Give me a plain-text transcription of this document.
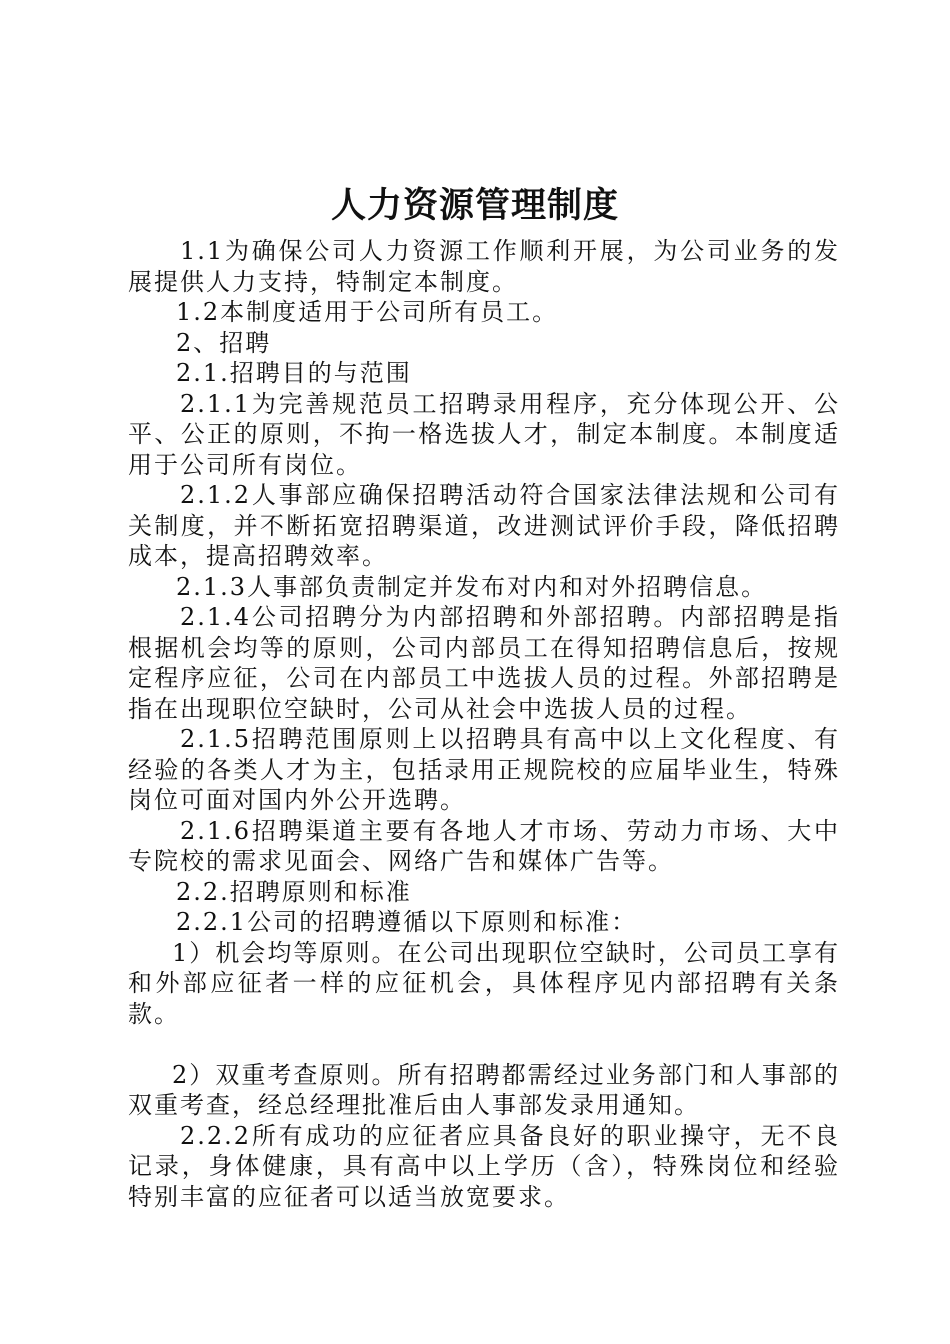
人力资源管理制度

1.1为确保公司人力资源工作顺利开展，为公司业务的发展提供人力支持，特制定本制度。

1.2本制度适用于公司所有员工。

2、招聘

2.1.招聘目的与范围

2.1.1为完善规范员工招聘录用程序，充分体现公开、公平、公正的原则，不拘一格选拔人才，制定本制度。本制度适用于公司所有岗位。

2.1.2人事部应确保招聘活动符合国家法律法规和公司有关制度，并不断拓宽招聘渠道，改进测试评价手段，降低招聘成本，提高招聘效率。

2.1.3人事部负责制定并发布对内和对外招聘信息。

2.1.4公司招聘分为内部招聘和外部招聘。内部招聘是指根据机会均等的原则，公司内部员工在得知招聘信息后，按规定程序应征，公司在内部员工中选拔人员的过程。外部招聘是指在出现职位空缺时，公司从社会中选拔人员的过程。

2.1.5招聘范围原则上以招聘具有高中以上文化程度、有经验的各类人才为主，包括录用正规院校的应届毕业生，特殊岗位可面对国内外公开选聘。

2.1.6招聘渠道主要有各地人才市场、劳动力市场、大中专院校的需求见面会、网络广告和媒体广告等。

2.2.招聘原则和标准

2.2.1公司的招聘遵循以下原则和标准：

1）机会均等原则。在公司出现职位空缺时，公司员工享有和外部应征者一样的应征机会，具体程序见内部招聘有关条款。

2）双重考查原则。所有招聘都需经过业务部门和人事部的双重考查，经总经理批准后由人事部发录用通知。

2.2.2所有成功的应征者应具备良好的职业操守，无不良记录，身体健康，具有高中以上学历（含），特殊岗位和经验特别丰富的应征者可以适当放宽要求。
